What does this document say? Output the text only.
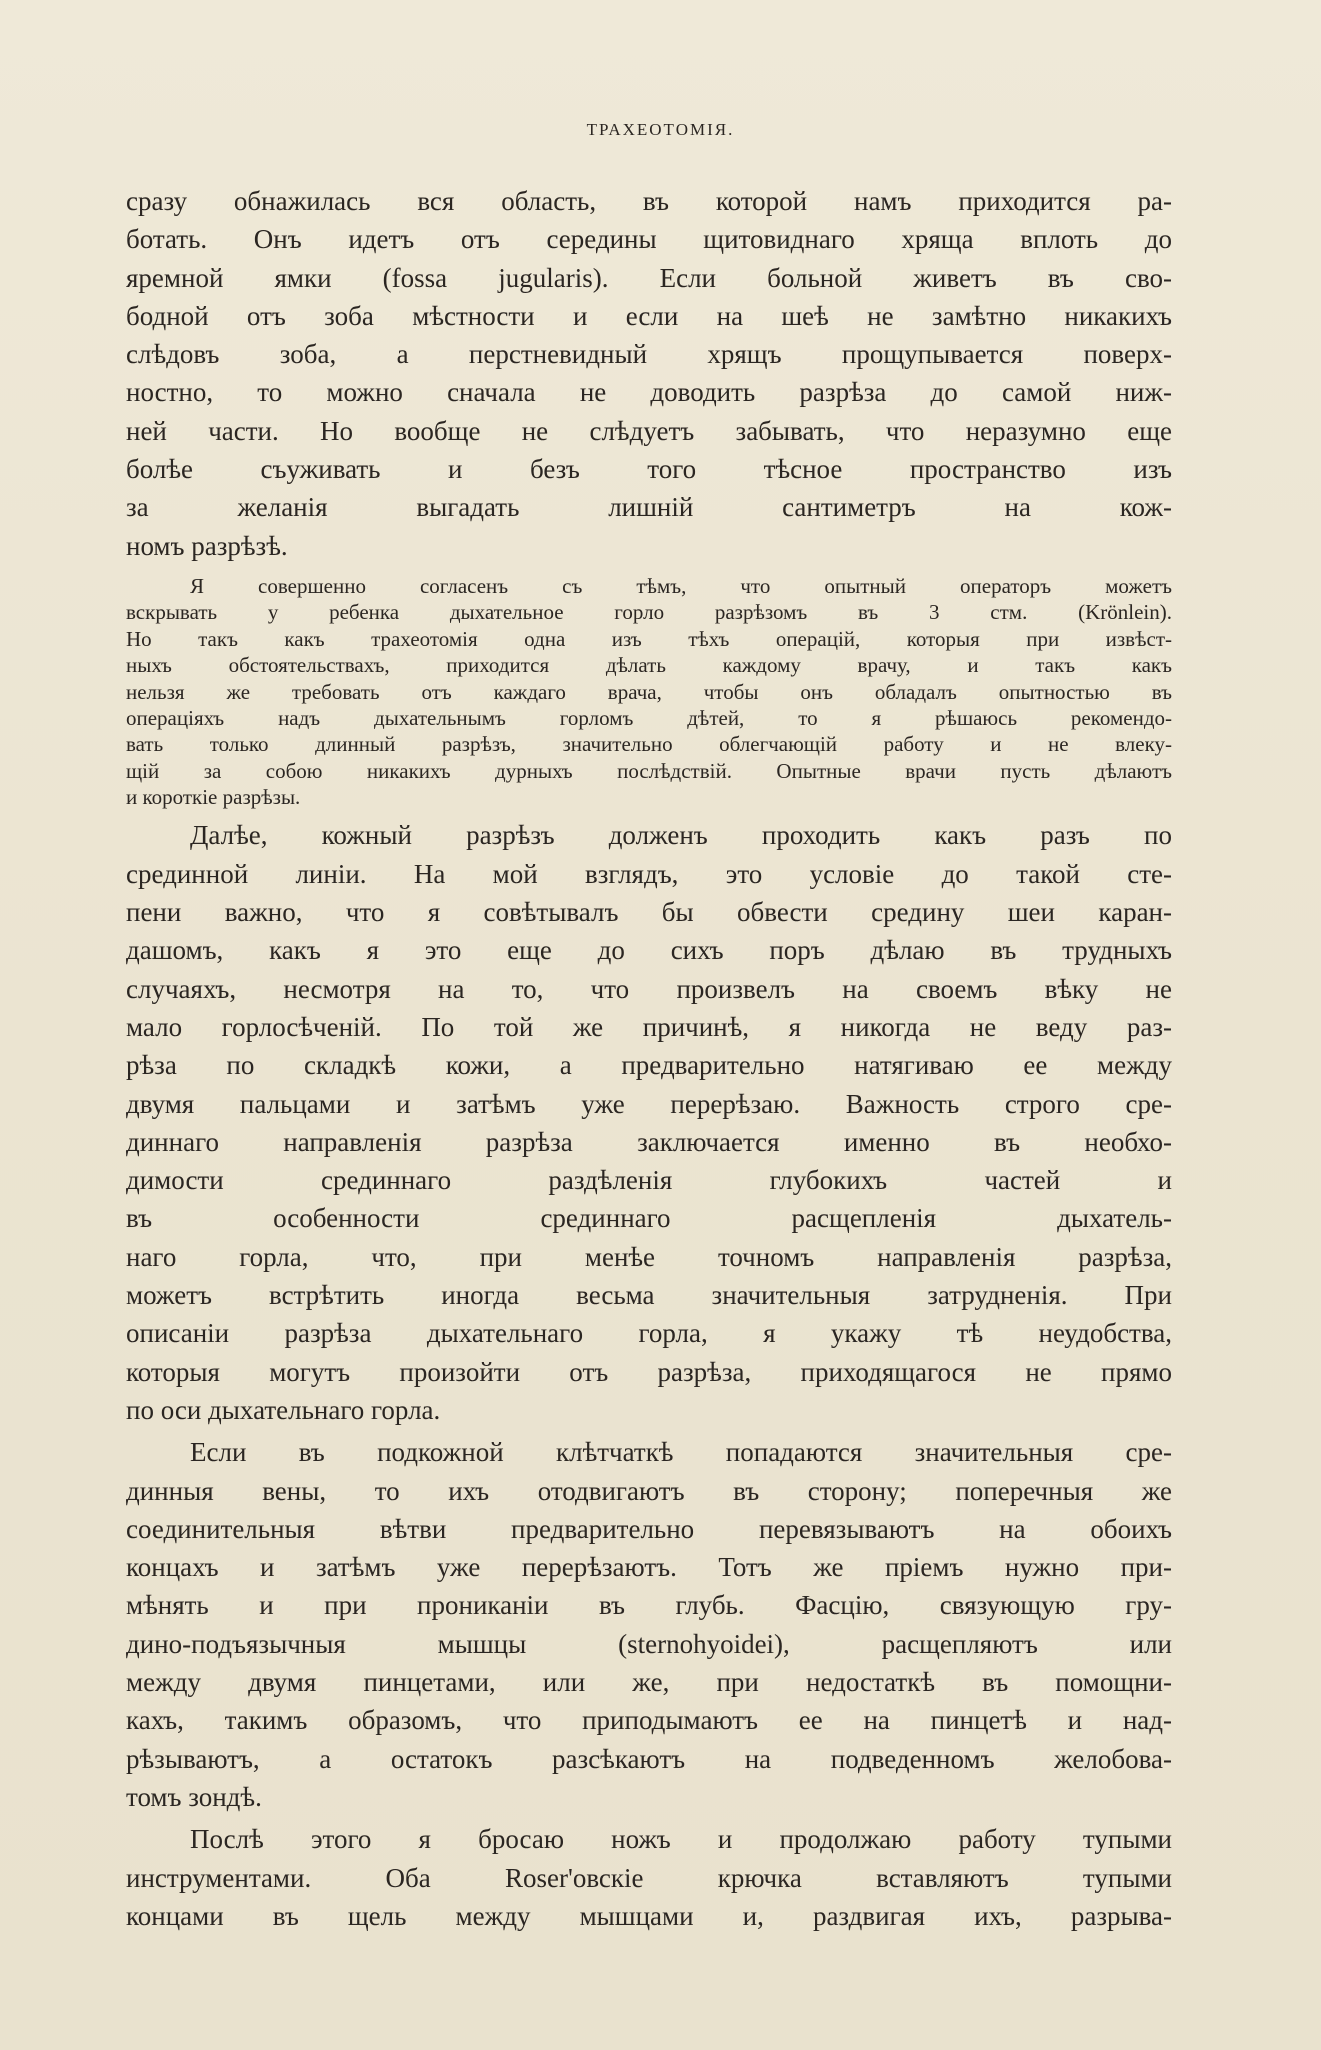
ТРАХЕОТОМІЯ.
сразу обнажилась вся область, въ которой намъ приходится ра-
ботать. Онъ идетъ отъ середины щитовиднаго хряща вплоть до
яремной ямки (fossa jugularis). Если больной живетъ въ сво-
бодной отъ зоба мѣстности и если на шеѣ не замѣтно никакихъ
слѣдовъ зоба, а перстневидный хрящъ прощупывается поверх-
ностно, то можно сначала не доводить разрѣза до самой ниж-
ней части. Но вообще не слѣдуетъ забывать, что неразумно еще
болѣе съуживать и безъ того тѣсное пространство изъ
за желанія выгадать лишній сантиметръ на кож-
номъ разрѣзѣ.
Я совершенно согласенъ съ тѣмъ, что опытный операторъ можетъ
вскрывать у ребенка дыхательное горло разрѣзомъ въ 3 стм. (Krönlein).
Но такъ какъ трахеотомія одна изъ тѣхъ операцій, которыя при извѣст-
ныхъ обстоятельствахъ, приходится дѣлать каждому врачу, и такъ какъ
нельзя же требовать отъ каждаго врача, чтобы онъ обладалъ опытностью въ
операціяхъ надъ дыхательнымъ горломъ дѣтей, то я рѣшаюсь рекомендо-
вать только длинный разрѣзъ, значительно облегчающій работу и не влеку-
щій за собою никакихъ дурныхъ послѣдствій. Опытные врачи пусть дѣлаютъ
и короткіе разрѣзы.
Далѣе, кожный разрѣзъ долженъ проходить какъ разъ по
срединной линіи. На мой взглядъ, это условіе до такой сте-
пени важно, что я совѣтывалъ бы обвести средину шеи каран-
дашомъ, какъ я это еще до сихъ поръ дѣлаю въ трудныхъ
случаяхъ, несмотря на то, что произвелъ на своемъ вѣку не
мало горлосѣченій. По той же причинѣ, я никогда не веду раз-
рѣза по складкѣ кожи, а предварительно натягиваю ее между
двумя пальцами и затѣмъ уже перерѣзаю. Важность строго сре-
диннаго направленія разрѣза заключается именно въ необхо-
димости срединнаго раздѣленія глубокихъ частей и
въ особенности срединнаго расщепленія дыхатель-
наго горла, что, при менѣе точномъ направленія разрѣза,
можетъ встрѣтить иногда весьма значительныя затрудненія. При
описаніи разрѣза дыхательнаго горла, я укажу тѣ неудобства,
которыя могутъ произойти отъ разрѣза, приходящагося не прямо
по оси дыхательнаго горла.
Если въ подкожной клѣтчаткѣ попадаются значительныя сре-
динныя вены, то ихъ отодвигаютъ въ сторону; поперечныя же
соединительныя вѣтви предварительно перевязываютъ на обоихъ
концахъ и затѣмъ уже перерѣзаютъ. Тотъ же пріемъ нужно при-
мѣнять и при прониканіи въ глубь. Фасцію, связующую гру-
дино-подъязычныя мышцы (sternohyoidei), расщепляютъ или
между двумя пинцетами, или же, при недостаткѣ въ помощни-
кахъ, такимъ образомъ, что приподымаютъ ее на пинцетѣ и над-
рѣзываютъ, а остатокъ разсѣкаютъ на подведенномъ желобова-
томъ зондѣ.
Послѣ этого я бросаю ножъ и продолжаю работу тупыми
инструментами. Оба Roser'овскіе крючка вставляютъ тупыми
концами въ щель между мышцами и, раздвигая ихъ, разрыва-
